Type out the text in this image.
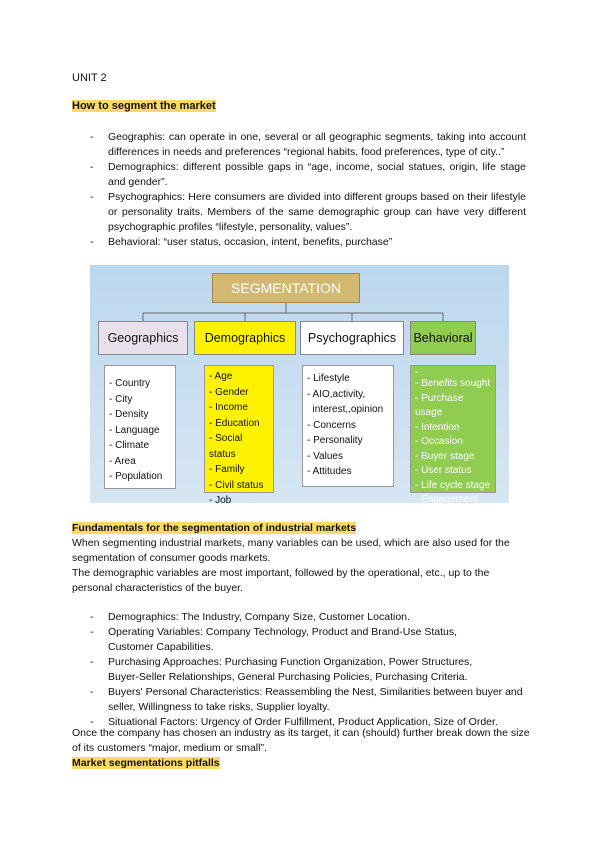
UNIT 2
How to segment the market
- Geographis: can operate in one, several or all geographic segments, taking into account differences in needs and preferences “regional habits, food preferences, type of city..”
- Demographics: different possible gaps in “age, income, social statues, origin, life stage and gender”.
- Psychographics: Here consumers are divided into different groups based on their lifestyle or personality traits. Members of the same demographic group can have very different psychographic profiles “lifestyle, personality, values”.
- Behavioral: “user status, occasion, intent, benefits, purchase”
SEGMENTATION
Geographics	Demographics	Psychographics	Behavioral
- Country
- City
- Density
- Language
- Climate
- Area
- Population
- Age
- Gender
- Income
- Education
- Social status
- Family
- Civil status
- Job
- Lifestyle
- AIO,activity,
interest,,opinion
- Concerns
- Personality
- Values
- Attitudes
-
- Benefits sought
- Purchase usage
- Intention
- Occasion
- Buyer stage
- User status
- Life cycle stage
- Engagement
Fundamentals for the segmentation of industrial markets
When segmenting industrial markets, many variables can be used, which are also used for the segmentation of consumer goods markets.
The demographic variables are most important, followed by the operational, etc., up to the personal characteristics of the buyer.
- Demographics: The Industry, Company Size, Customer Location.
- Operating Variables: Company Technology, Product and Brand-Use Status, Customer Capabilities.
- Purchasing Approaches: Purchasing Function Organization, Power Structures, Buyer-Seller Relationships, General Purchasing Policies, Purchasing Criteria.
- Buyers' Personal Characteristics: Reassembling the Nest, Similarities between buyer and seller, Willingness to take risks, Supplier loyalty.
- Situational Factors: Urgency of Order Fulfillment, Product Application, Size of Order.
Once the company has chosen an industry as its target, it can (should) further break down the size of its customers “major, medium or small”.
Market segmentations pitfalls
